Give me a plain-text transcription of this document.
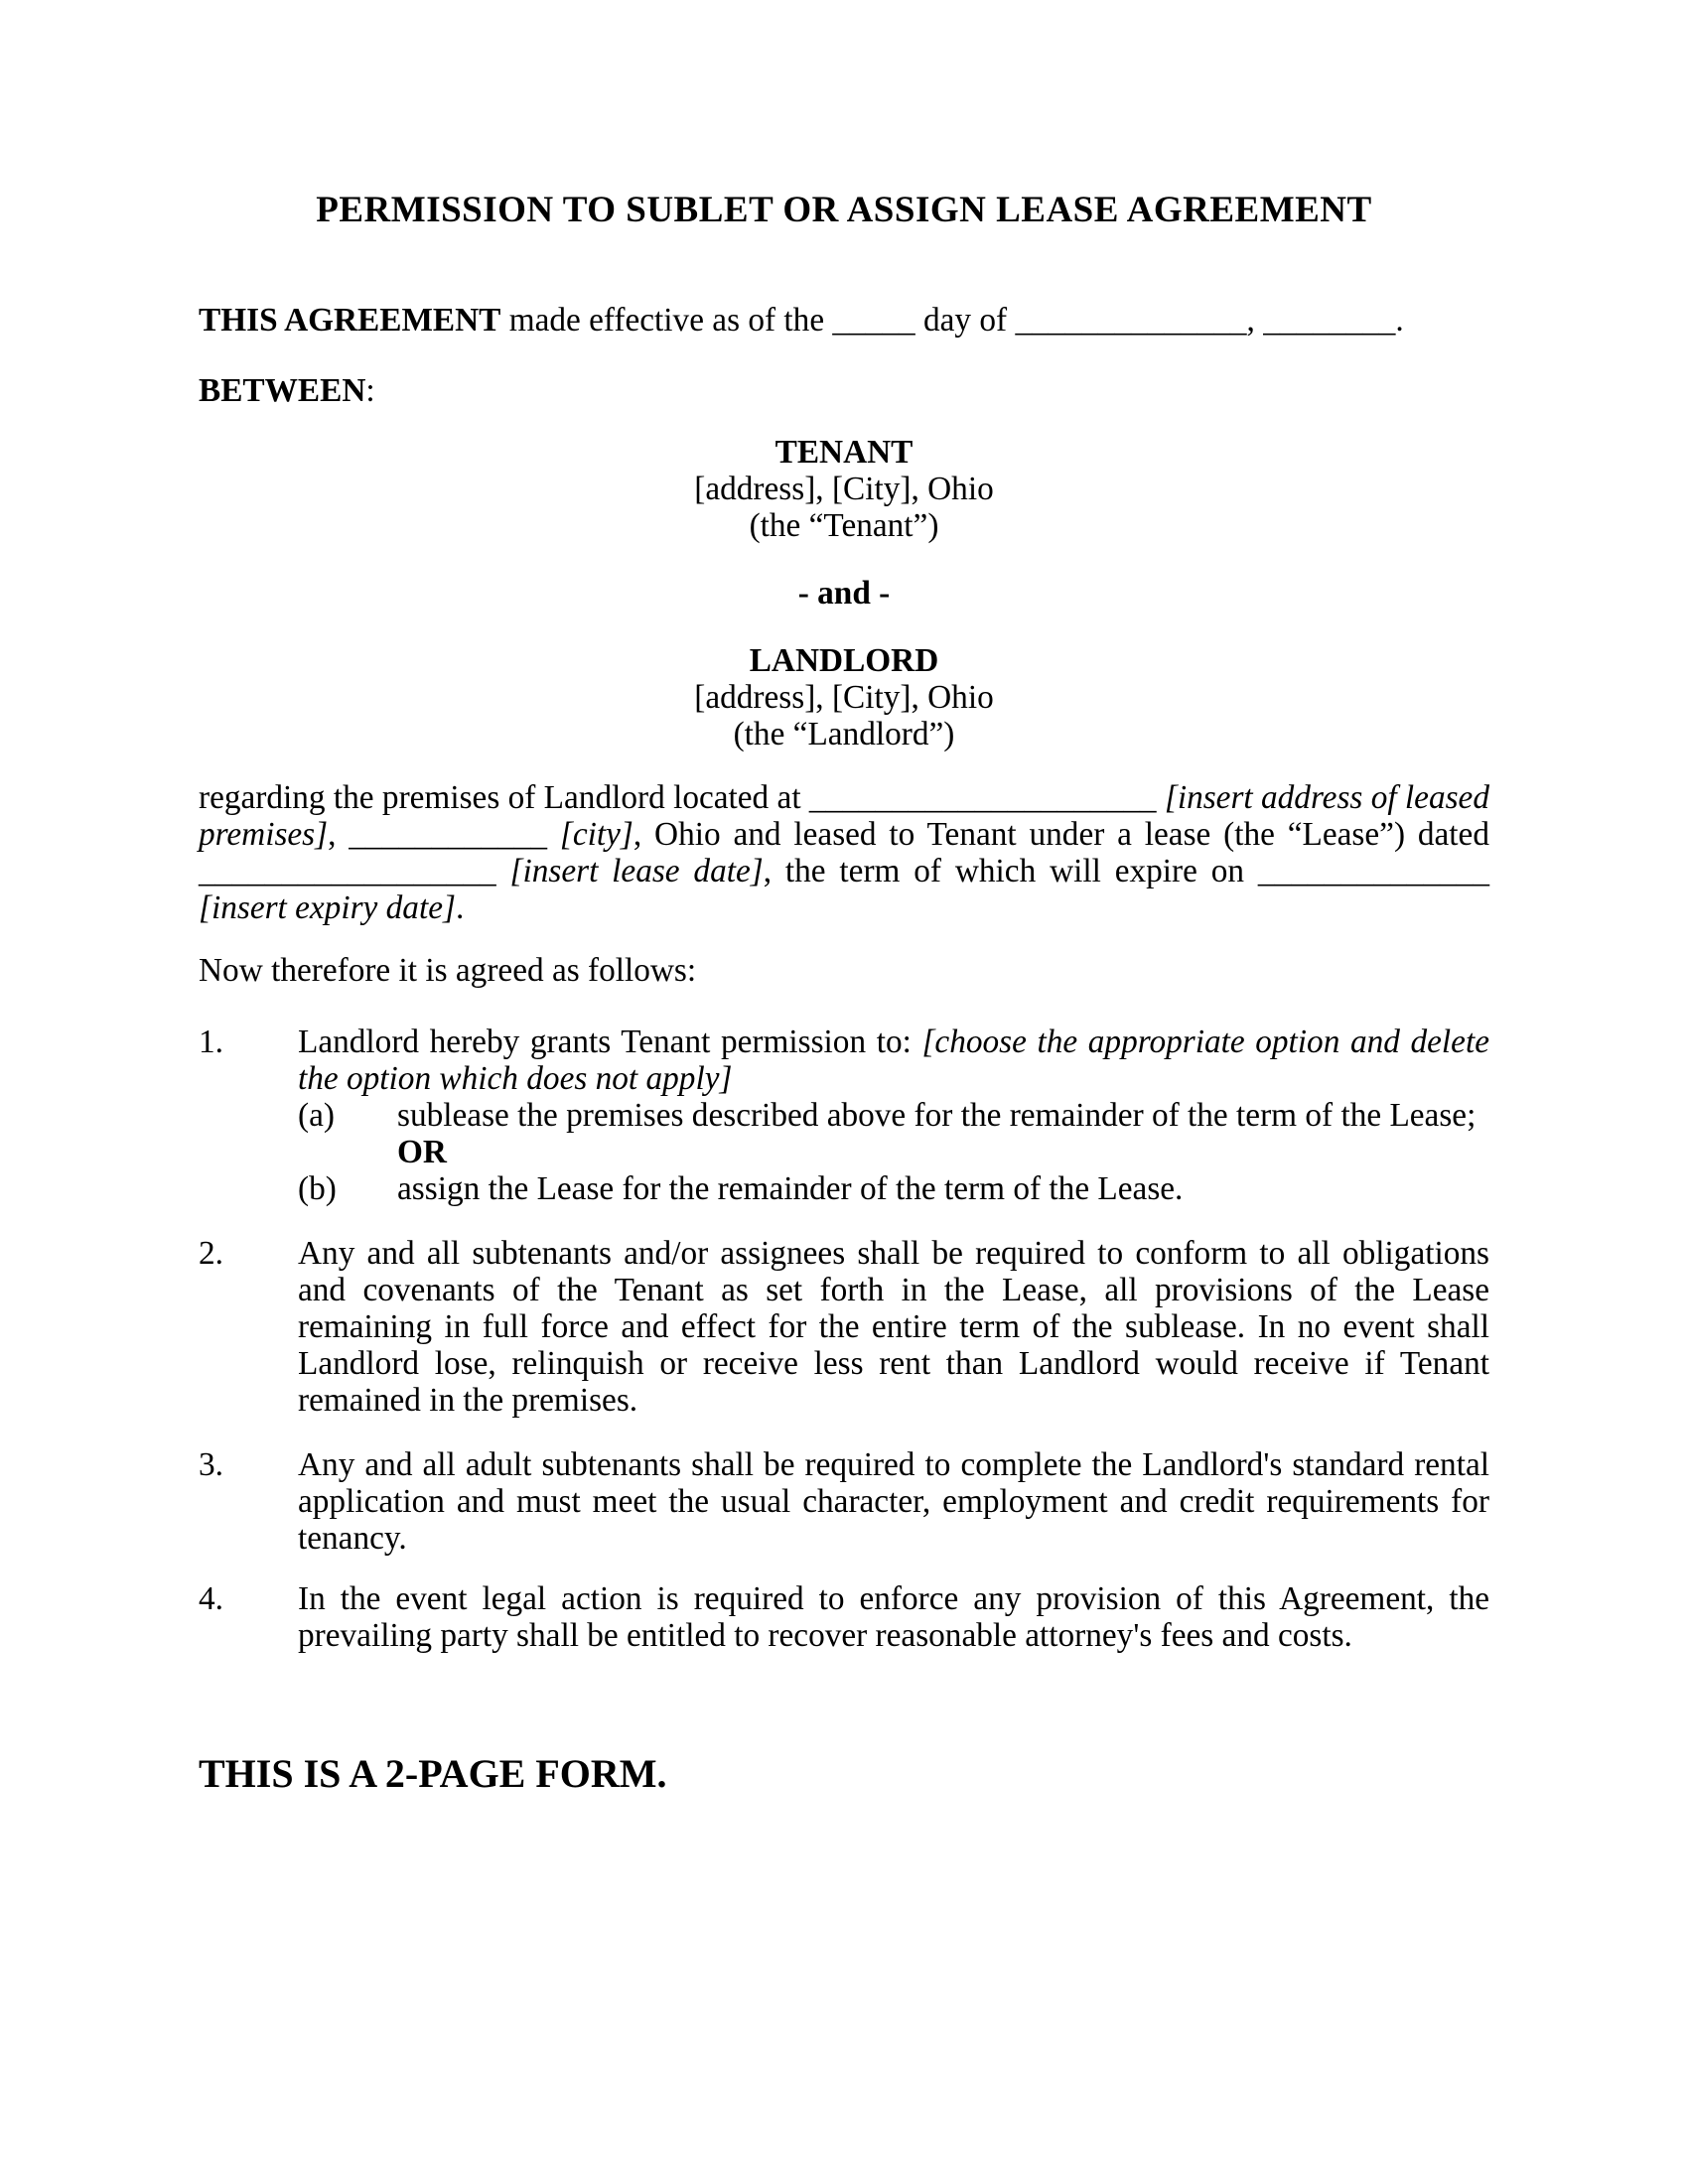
PERMISSION TO SUBLET OR ASSIGN LEASE AGREEMENT

THIS AGREEMENT made effective as of the _____ day of ______________, ________.

BETWEEN:

TENANT

[address], [City], Ohio

(the “Tenant”)

- and -

LANDLORD

[address], [City], Ohio

(the “Landlord”)

regarding the premises of Landlord located at _____________________ [insert address of leased premises], ____________ [city], Ohio and leased to Tenant under a lease (the “Lease”) dated __________________ [insert lease date], the term of which will expire on ______________ [insert expiry date].

Now therefore it is agreed as follows:

1.	Landlord hereby grants Tenant permission to: [choose the appropriate option and delete the option which does not apply]

(a)	sublease the premises described above for the remainder of the term of the Lease; OR
(b)	assign the Lease for the remainder of the term of the Lease.
2.	Any and all subtenants and/or assignees shall be required to conform to all obligations and covenants of the Tenant as set forth in the Lease, all provisions of the Lease remaining in full force and effect for the entire term of the sublease. In no event shall Landlord lose, relinquish or receive less rent than Landlord would receive if Tenant remained in the premises.
3.	Any and all adult subtenants shall be required to complete the Landlord's standard rental application and must meet the usual character, employment and credit requirements for tenancy.
4.	In the event legal action is required to enforce any provision of this Agreement, the prevailing party shall be entitled to recover reasonable attorney's fees and costs.

THIS IS A 2-PAGE FORM.
